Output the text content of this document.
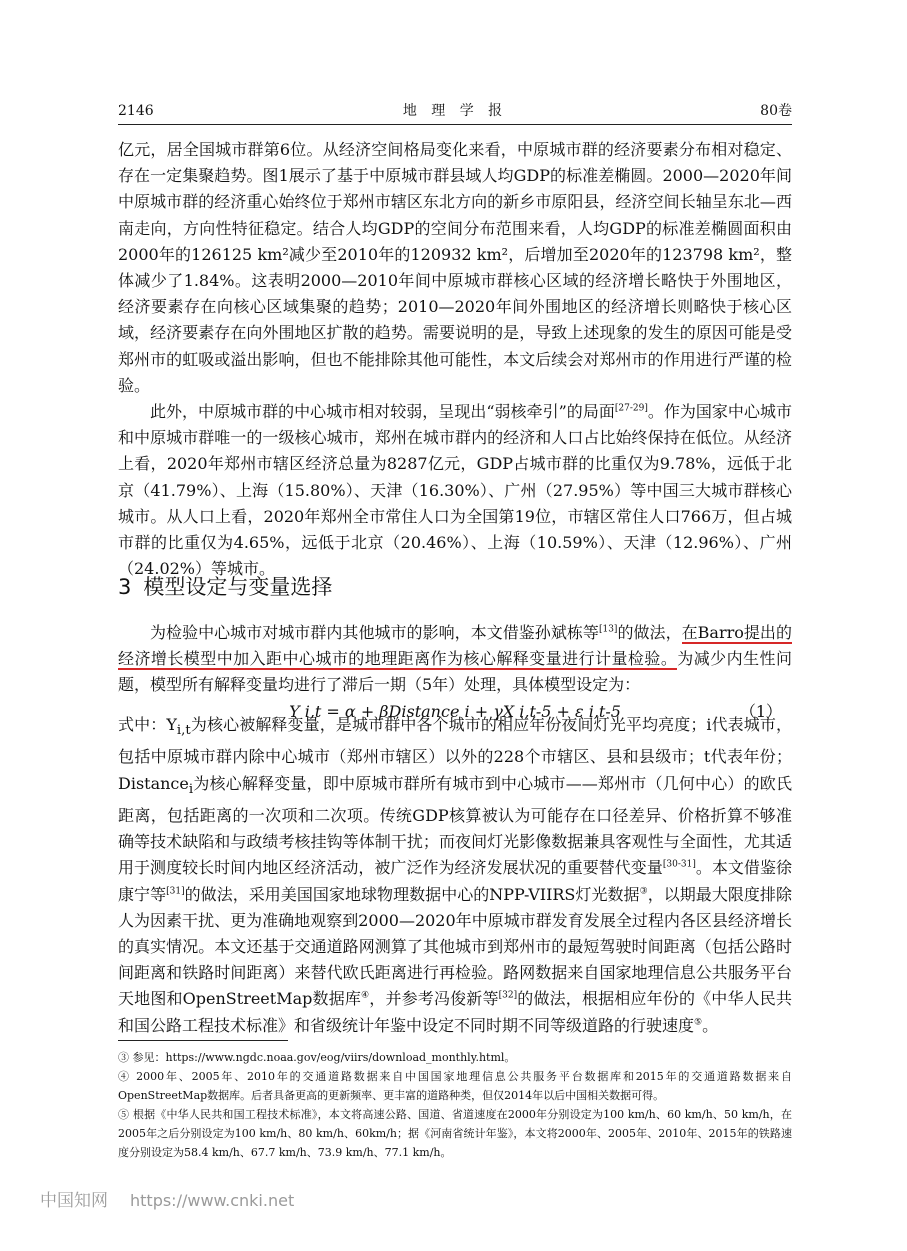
2146	地 理 学 报	80卷

亿元，居全国城市群第6位。从经济空间格局变化来看，中原城市群的经济要素分布相对稳定、存在一定集聚趋势。图1展示了基于中原城市群县域人均GDP的标准差椭圆。2000—2020年间中原城市群的经济重心始终位于郑州市辖区东北方向的新乡市原阳县，经济空间长轴呈东北—西南走向，方向性特征稳定。结合人均GDP的空间分布范围来看，人均GDP的标准差椭圆面积由2000年的126125 km²减少至2010年的120932 km²，后增加至2020年的123798 km²，整体减少了1.84%。这表明2000—2010年间中原城市群核心区域的经济增长略快于外围地区，经济要素存在向核心区域集聚的趋势；2010—2020年间外围地区的经济增长则略快于核心区域，经济要素存在向外围地区扩散的趋势。需要说明的是，导致上述现象的发生的原因可能是受郑州市的虹吸或溢出影响，但也不能排除其他可能性，本文后续会对郑州市的作用进行严谨的检验。

此外，中原城市群的中心城市相对较弱，呈现出“弱核牵引”的局面[27-29]。作为国家中心城市和中原城市群唯一的一级核心城市，郑州在城市群内的经济和人口占比始终保持在低位。从经济上看，2020年郑州市辖区经济总量为8287亿元，GDP占城市群的比重仅为9.78%，远低于北京（41.79%）、上海（15.80%）、天津（16.30%）、广州（27.95%）等中国三大城市群核心城市。从人口上看，2020年郑州全市常住人口为全国第19位，市辖区常住人口766万，但占城市群的比重仅为4.65%，远低于北京（20.46%）、上海（10.59%）、天津（12.96%）、广州（24.02%）等城市。

3 模型设定与变量选择

为检验中心城市对城市群内其他城市的影响，本文借鉴孙斌栋等[13]的做法，在Barro提出的经济增长模型中加入距中心城市的地理距离作为核心解释变量进行计量检验。为减少内生性问题，模型所有解释变量均进行了滞后一期（5年）处理，具体模型设定为：

Y i,t = α + βDistance i + γX i,t-5 + ε i,t-5	（1）

式中：$Y_{i,t}$为核心被解释变量，是城市群中各个城市的相应年份夜间灯光平均亮度；i代表城市，包括中原城市群内除中心城市（郑州市辖区）以外的228个市辖区、县和县级市；t代表年份；Distance$_i$为核心解释变量，即中原城市群所有城市到中心城市——郑州市（几何中心）的欧氏距离，包括距离的一次项和二次项。传统GDP核算被认为可能存在口径差异、价格折算不够准确等技术缺陷和与政绩考核挂钩等体制干扰；而夜间灯光影像数据兼具客观性与全面性，尤其适用于测度较长时间内地区经济活动，被广泛作为经济发展状况的重要替代变量[30-31]。本文借鉴徐康宁等[31]的做法，采用美国国家地球物理数据中心的NPP-VIIRS灯光数据③，以期最大限度排除人为因素干扰、更为准确地观察到2000—2020年中原城市群发育发展全过程内各区县经济增长的真实情况。本文还基于交通道路网测算了其他城市到郑州市的最短驾驶时间距离（包括公路时间距离和铁路时间距离）来替代欧氏距离进行再检验。路网数据来自国家地理信息公共服务平台天地图和OpenStreetMap数据库④，并参考冯俊新等[32]的做法，根据相应年份的《中华人民共和国公路工程技术标准》和省级统计年鉴中设定不同时期不同等级道路的行驶速度⑤。

③ 参见：https://www.ngdc.noaa.gov/eog/viirs/download_monthly.html。

④ 2000年、2005年、2010年的交通道路数据来自中国国家地理信息公共服务平台数据库和2015年的交通道路数据来自OpenStreetMap数据库。后者具备更高的更新频率、更丰富的道路种类，但仅2014年以后中国相关数据可得。

⑤ 根据《中华人民共和国工程技术标准》，本文将高速公路、国道、省道速度在2000年分别设定为100 km/h、60 km/h、50 km/h，在2005年之后分别设定为100 km/h、80 km/h、60km/h；据《河南省统计年鉴》，本文将2000年、2005年、2010年、2015年的铁路速度分别设定为58.4 km/h、67.7 km/h、73.9 km/h、77.1 km/h。

中国知网 https://www.cnki.net
